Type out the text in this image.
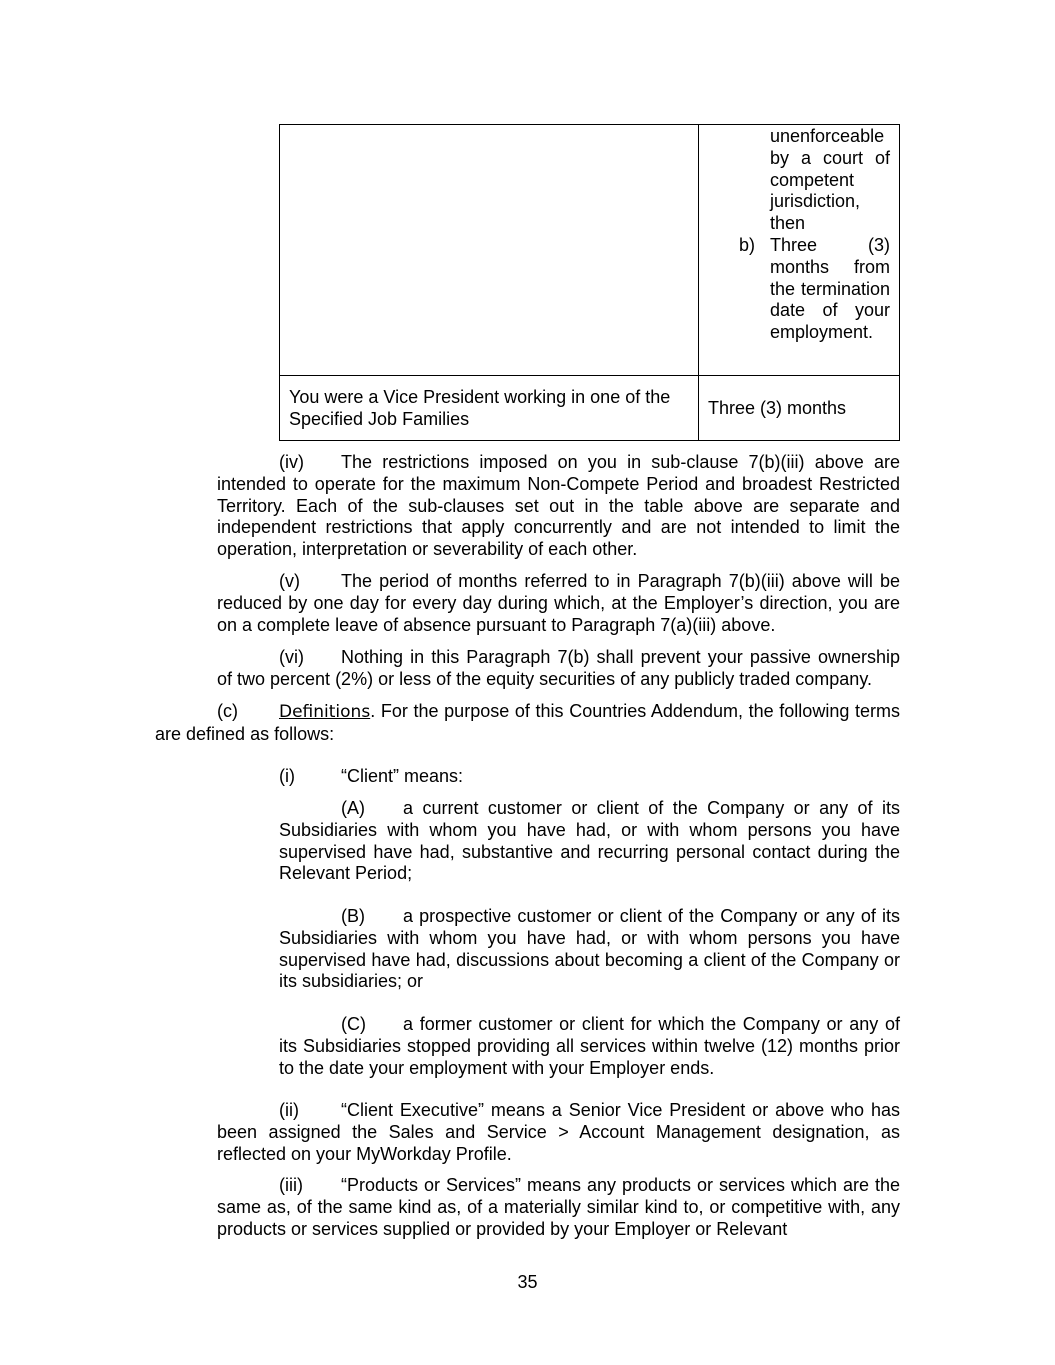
	unenforceable by a court of competent jurisdiction, then
b) Three (3) months from the termination date of your employment.

You were a Vice President working in one of the Specified Job Families	Three (3) months

(iv) The restrictions imposed on you in sub-clause 7(b)(iii) above are intended to operate for the maximum Non-Compete Period and broadest Restricted Territory. Each of the sub-clauses set out in the table above are separate and independent restrictions that apply concurrently and are not intended to limit the operation, interpretation or severability of each other.

(v) The period of months referred to in Paragraph 7(b)(iii) above will be reduced by one day for every day during which, at the Employer’s direction, you are on a complete leave of absence pursuant to Paragraph 7(a)(iii) above.

(vi) Nothing in this Paragraph 7(b) shall prevent your passive ownership of two percent (2%) or less of the equity securities of any publicly traded company.

(c) Definitions. For the purpose of this Countries Addendum, the following terms are defined as follows:

(i)	“Client” means:

(A) a current customer or client of the Company or any of its Subsidiaries with whom you have had, or with whom persons you have supervised have had, substantive and recurring personal contact during the Relevant Period;

(B) a prospective customer or client of the Company or any of its Subsidiaries with whom you have had, or with whom persons you have supervised have had, discussions about becoming a client of the Company or its subsidiaries; or

(C) a former customer or client for which the Company or any of its Subsidiaries stopped providing all services within twelve (12) months prior to the date your employment with your Employer ends.

(ii) “Client Executive” means a Senior Vice President or above who has been assigned the Sales and Service > Account Management designation, as reflected on your MyWorkday Profile.

(iii) “Products or Services” means any products or services which are the same as, of the same kind as, of a materially similar kind to, or competitive with, any products or services supplied or provided by your Employer or Relevant

35
